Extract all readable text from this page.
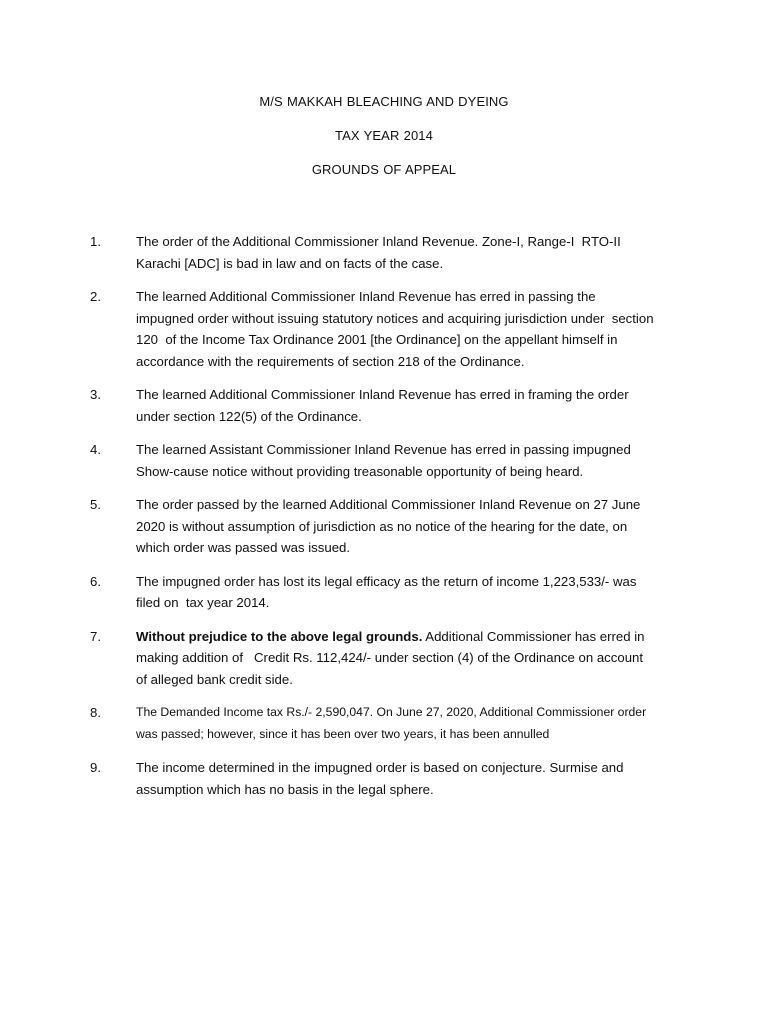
M/S MAKKAH BLEACHING AND DYEING
TAX YEAR 2014
GROUNDS OF APPEAL
1.	The order of the Additional Commissioner Inland Revenue. Zone-I, Range-I  RTO-II Karachi [ADC] is bad in law and on facts of the case.
2.	The learned Additional Commissioner Inland Revenue has erred in passing the impugned order without issuing statutory notices and acquiring jurisdiction under  section  120  of the Income Tax Ordinance 2001 [the Ordinance] on the appellant himself in accordance with the requirements of section 218 of the Ordinance.
3.	The learned Additional Commissioner Inland Revenue has erred in framing the order under section 122(5) of the Ordinance.
4.	The learned Assistant Commissioner Inland Revenue has erred in passing impugned Show-cause notice without providing treasonable opportunity of being heard.
5.	The order passed by the learned Additional Commissioner Inland Revenue on 27 June 2020 is without assumption of jurisdiction as no notice of the hearing for the date, on which order was passed was issued.
6.	The impugned order has lost its legal efficacy as the return of income 1,223,533/- was filed on  tax year 2014.
7.	Without prejudice to the above legal grounds. Additional Commissioner has erred in making addition of   Credit Rs. 112,424/- under section (4) of the Ordinance on account of alleged bank credit side.
8.	The Demanded Income tax Rs./- 2,590,047. On June 27, 2020, Additional Commissioner order was passed; however, since it has been over two years, it has been annulled
9.	The income determined in the impugned order is based on conjecture. Surmise and assumption which has no basis in the legal sphere.
